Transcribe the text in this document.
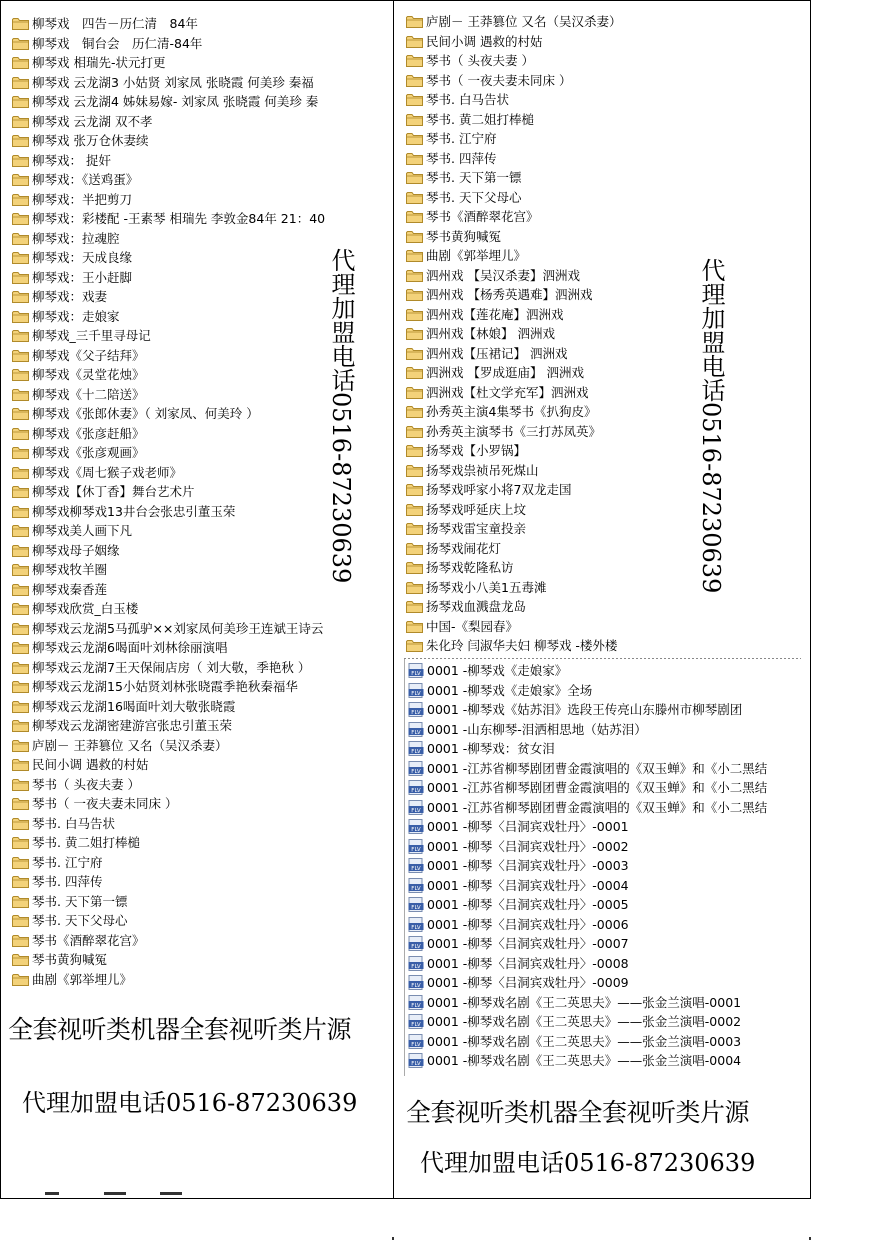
柳琴戏　四告－历仁清　84年
柳琴戏　铜台会　历仁清-84年
柳琴戏 相瑞先-状元打更
柳琴戏 云龙湖3 小姑贤 刘家凤 张晓霞 何美珍 秦福
柳琴戏 云龙湖4 姊妹易嫁- 刘家凤 张晓霞 何美珍 秦
柳琴戏 云龙湖 双不孝
柳琴戏 张万仓休妻续
柳琴戏： 捉奸
柳琴戏：《送鸡蛋》
柳琴戏：半把剪刀
柳琴戏：彩楼配 -王素琴 相瑞先 李敦金84年 21：40
柳琴戏：拉魂腔
柳琴戏：天成良缘
柳琴戏：王小赶脚
柳琴戏：戏妻
柳琴戏：走娘家
柳琴戏_三千里寻母记
柳琴戏《父子结拜》
柳琴戏《灵堂花烛》
柳琴戏《十二陪送》
柳琴戏《张郎休妻》（ 刘家凤、何美玲 ）
柳琴戏《张彦赶船》
柳琴戏《张彦观画》
柳琴戏《周七猴子戏老师》
柳琴戏【休丁香】舞台艺术片
柳琴戏柳琴戏13井台会张忠引董玉荣
柳琴戏美人画下凡
柳琴戏母子姻缘
柳琴戏牧羊圈
柳琴戏秦香莲
柳琴戏欣赏_白玉楼
柳琴戏云龙湖5马孤驴××刘家凤何美珍王连斌王诗云
柳琴戏云龙湖6喝面叶刘林徐丽演唱
柳琴戏云龙湖7王天保闹店房（ 刘大敬，季艳秋 ）
柳琴戏云龙湖15小姑贤刘林张晓霞季艳秋秦福华
柳琴戏云龙湖16喝面叶刘大敬张晓霞
柳琴戏云龙湖密建游宫张忠引董玉荣
庐剧－ 王莽篡位 又名（吴汉杀妻）
民间小调 遇救的村姑
琴书（ 头夜夫妻 ）
琴书（ 一夜夫妻未同床 ）
琴书. 白马告状
琴书. 黄二姐打棒槌
琴书. 江宁府
琴书. 四萍传
琴书. 天下第一镖
琴书. 天下父母心
琴书《酒醉翠花宫》
琴书黄狗喊冤
曲剧《郭举埋儿》
代理加盟电话0516-87230639
庐剧－ 王莽篡位 又名（吴汉杀妻）
民间小调 遇救的村姑
琴书（ 头夜夫妻 ）
琴书（ 一夜夫妻未同床 ）
琴书. 白马告状
琴书. 黄二姐打棒槌
琴书. 江宁府
琴书. 四萍传
琴书. 天下第一镖
琴书. 天下父母心
琴书《酒醉翠花宫》
琴书黄狗喊冤
曲剧《郭举埋儿》
泗州戏 【吴汉杀妻】泗洲戏
泗州戏 【杨秀英遇难】泗洲戏
泗州戏【莲花庵】泗洲戏
泗州戏【林娘】 泗洲戏
泗州戏【压裙记】 泗洲戏
泗洲戏 【罗成逛庙】 泗洲戏
泗洲戏【杜文学充军】泗洲戏
孙秀英主演4集琴书《扒狗皮》
孙秀英主演琴书《三打苏凤英》
扬琴戏【小罗锅】
扬琴戏祟祯吊死煤山
扬琴戏呼家小将7双龙走国
扬琴戏呼延庆上坟
扬琴戏雷宝童投亲
扬琴戏闹花灯
扬琴戏乾隆私访
扬琴戏小八美1五毒滩
扬琴戏血溅盘龙岛
中国-《梨园春》
朱化玲 闫淑华夫妇 柳琴戏 -楼外楼
代理加盟电话0516-87230639
FLV 0001 -柳琴戏《走娘家》
FLV 0001 -柳琴戏《走娘家》全场
FLV 0001 -柳琴戏《姑苏泪》选段王传亮山东滕州市柳琴剧团
FLV 0001 -山东柳琴-泪洒相思地（姑苏泪）
FLV 0001 -柳琴戏：贫女泪
FLV 0001 -江苏省柳琴剧团曹金霞演唱的《双玉蝉》和《小二黑结
FLV 0001 -江苏省柳琴剧团曹金霞演唱的《双玉蝉》和《小二黑结
FLV 0001 -江苏省柳琴剧团曹金霞演唱的《双玉蝉》和《小二黑结
FLV 0001 -柳琴〈吕洞宾戏牡丹〉-0001
FLV 0001 -柳琴〈吕洞宾戏牡丹〉-0002
FLV 0001 -柳琴〈吕洞宾戏牡丹〉-0003
FLV 0001 -柳琴〈吕洞宾戏牡丹〉-0004
FLV 0001 -柳琴〈吕洞宾戏牡丹〉-0005
FLV 0001 -柳琴〈吕洞宾戏牡丹〉-0006
FLV 0001 -柳琴〈吕洞宾戏牡丹〉-0007
FLV 0001 -柳琴〈吕洞宾戏牡丹〉-0008
FLV 0001 -柳琴〈吕洞宾戏牡丹〉-0009
FLV 0001 -柳琴戏名剧《王二英思夫》——张金兰演唱-0001
FLV 0001 -柳琴戏名剧《王二英思夫》——张金兰演唱-0002
FLV 0001 -柳琴戏名剧《王二英思夫》——张金兰演唱-0003
FLV 0001 -柳琴戏名剧《王二英思夫》——张金兰演唱-0004
全套视听类机器全套视听类片源
代理加盟电话0516-87230639 全套视听类机器全套视听类片源
代理加盟电话0516-87230639
